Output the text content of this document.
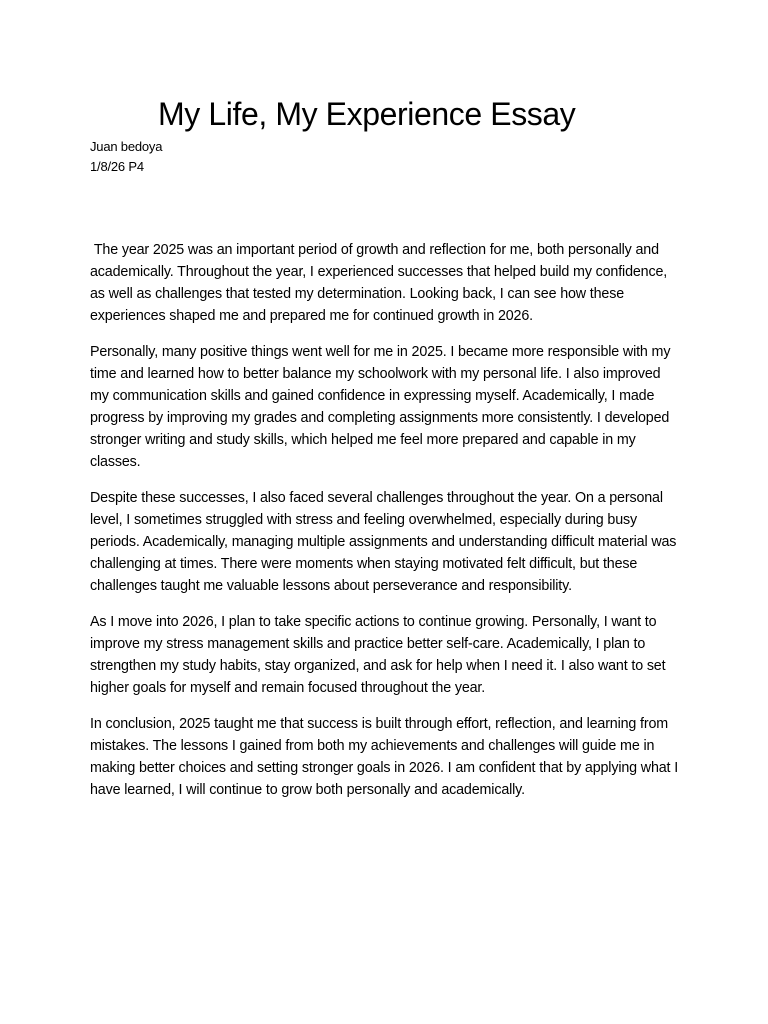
My Life, My Experience Essay
Juan bedoya
1/8/26 P4

The year 2025 was an important period of growth and reflection for me, both personally and academically. Throughout the year, I experienced successes that helped build my confidence, as well as challenges that tested my determination. Looking back, I can see how these experiences shaped me and prepared me for continued growth in 2026.

Personally, many positive things went well for me in 2025. I became more responsible with my time and learned how to better balance my schoolwork with my personal life. I also improved my communication skills and gained confidence in expressing myself. Academically, I made progress by improving my grades and completing assignments more consistently. I developed stronger writing and study skills, which helped me feel more prepared and capable in my classes.

Despite these successes, I also faced several challenges throughout the year. On a personal level, I sometimes struggled with stress and feeling overwhelmed, especially during busy periods. Academically, managing multiple assignments and understanding difficult material was challenging at times. There were moments when staying motivated felt difficult, but these challenges taught me valuable lessons about perseverance and responsibility.

As I move into 2026, I plan to take specific actions to continue growing. Personally, I want to improve my stress management skills and practice better self-care. Academically, I plan to strengthen my study habits, stay organized, and ask for help when I need it. I also want to set higher goals for myself and remain focused throughout the year.

In conclusion, 2025 taught me that success is built through effort, reflection, and learning from mistakes. The lessons I gained from both my achievements and challenges will guide me in making better choices and setting stronger goals in 2026. I am confident that by applying what I have learned, I will continue to grow both personally and academically.
